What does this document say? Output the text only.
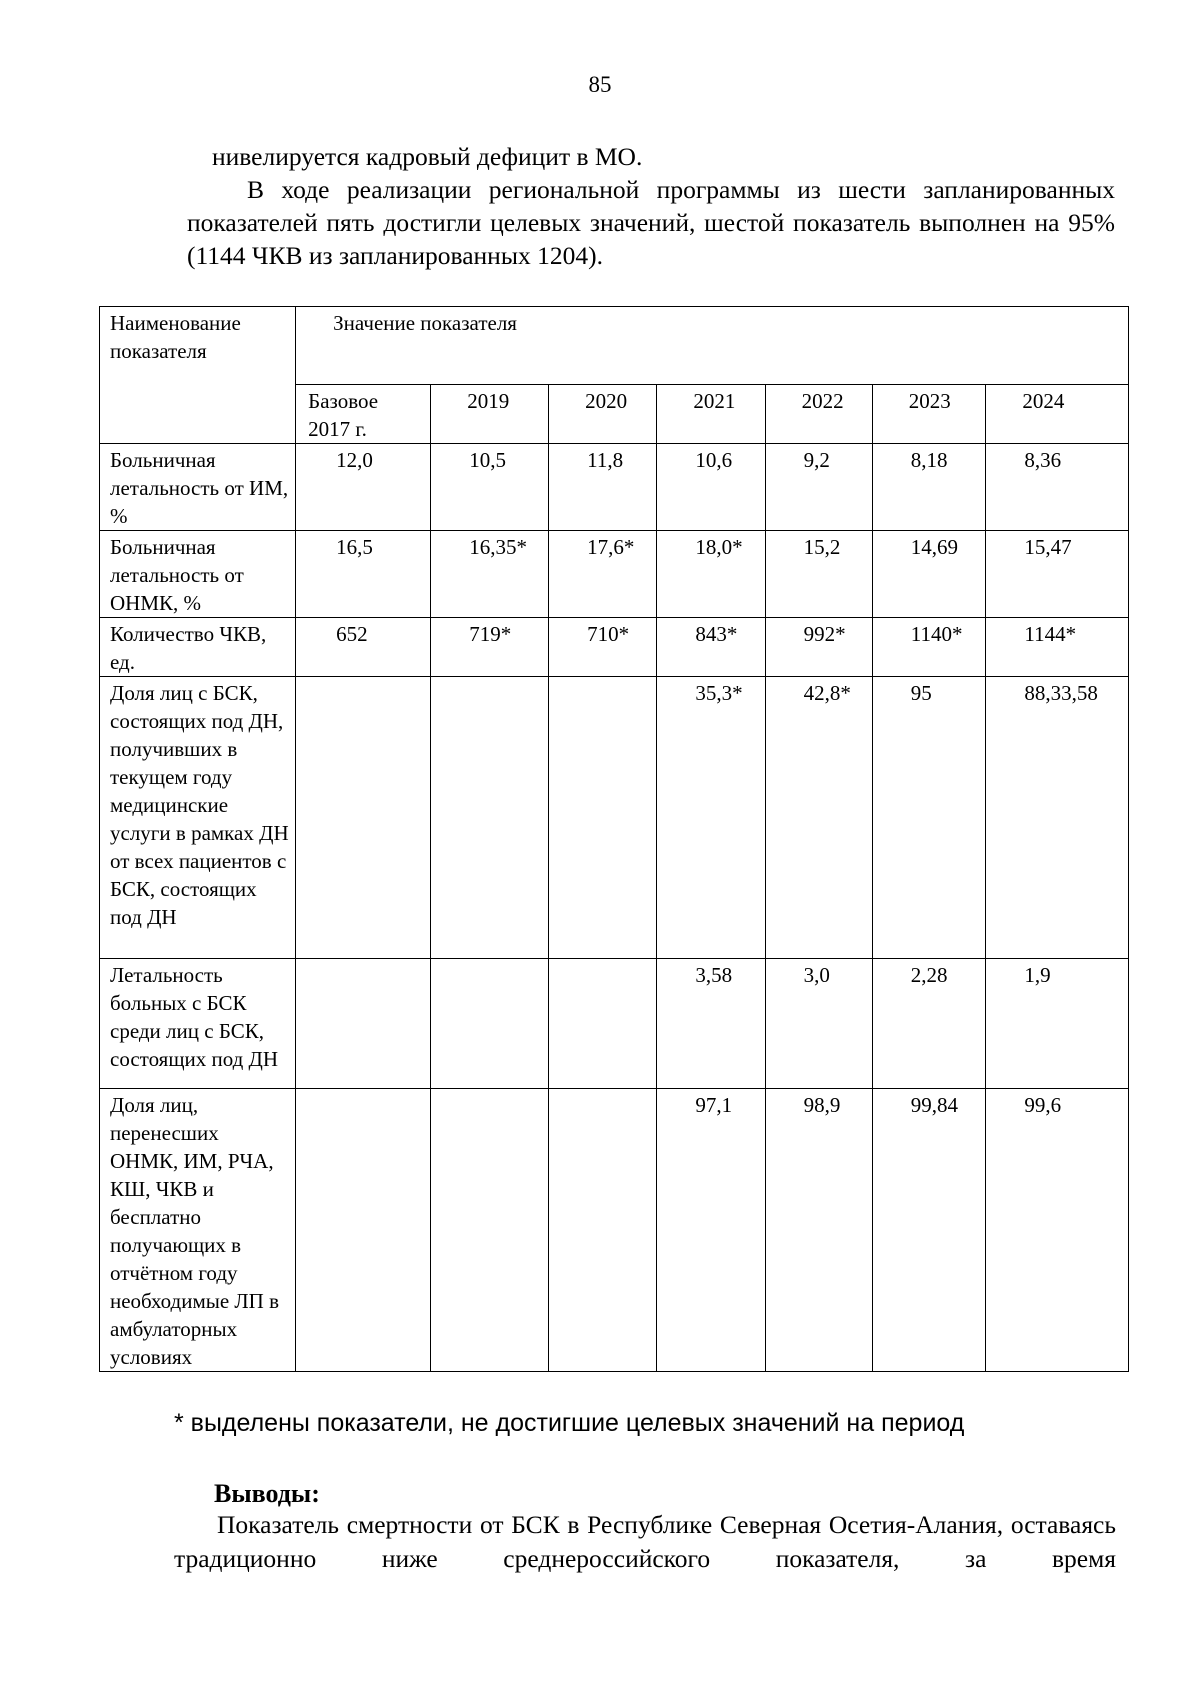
85
нивелируется кадровый дефицит в МО.
В ходе реализации региональной программы из шести запланированных показателей пять достигли целевых значений, шестой показатель выполнен на 95% (1144 ЧКВ из запланированных 1204).
Наименование показателя	Значение показателя						
	Базовое 2017 г.	2019	2020	2021	2022	2023	2024
Больничная летальность от ИМ, %	12,0	10,5	11,8	10,6	9,2	8,18	8,36
Больничная летальность от ОНМК, %	16,5	16,35*	17,6*	18,0*	15,2	14,69	15,47
Количество ЧКВ, ед.	652	719*	710*	843*	992*	1140*	1144*
Доля лиц с БСК, состоящих под ДН, получивших в текущем году медицинские услуги в рамках ДН от всех пациентов с БСК, состоящих под ДН				35,3*	42,8*	95	88,33,58
Летальность больных с БСК среди лиц с БСК, состоящих под ДН				3,58	3,0	2,28	1,9
Доля лиц, перенесших ОНМК, ИМ, РЧА, КШ, ЧКВ и бесплатно получающих в отчётном году необходимые ЛП в амбулаторных условиях				97,1	98,9	99,84	99,6
* выделены показатели, не достигшие целевых значений на период
Выводы:
Показатель смертности от БСК в Республике Северная Осетия-Алания, оставаясь традиционно ниже среднероссийского показателя, за время
